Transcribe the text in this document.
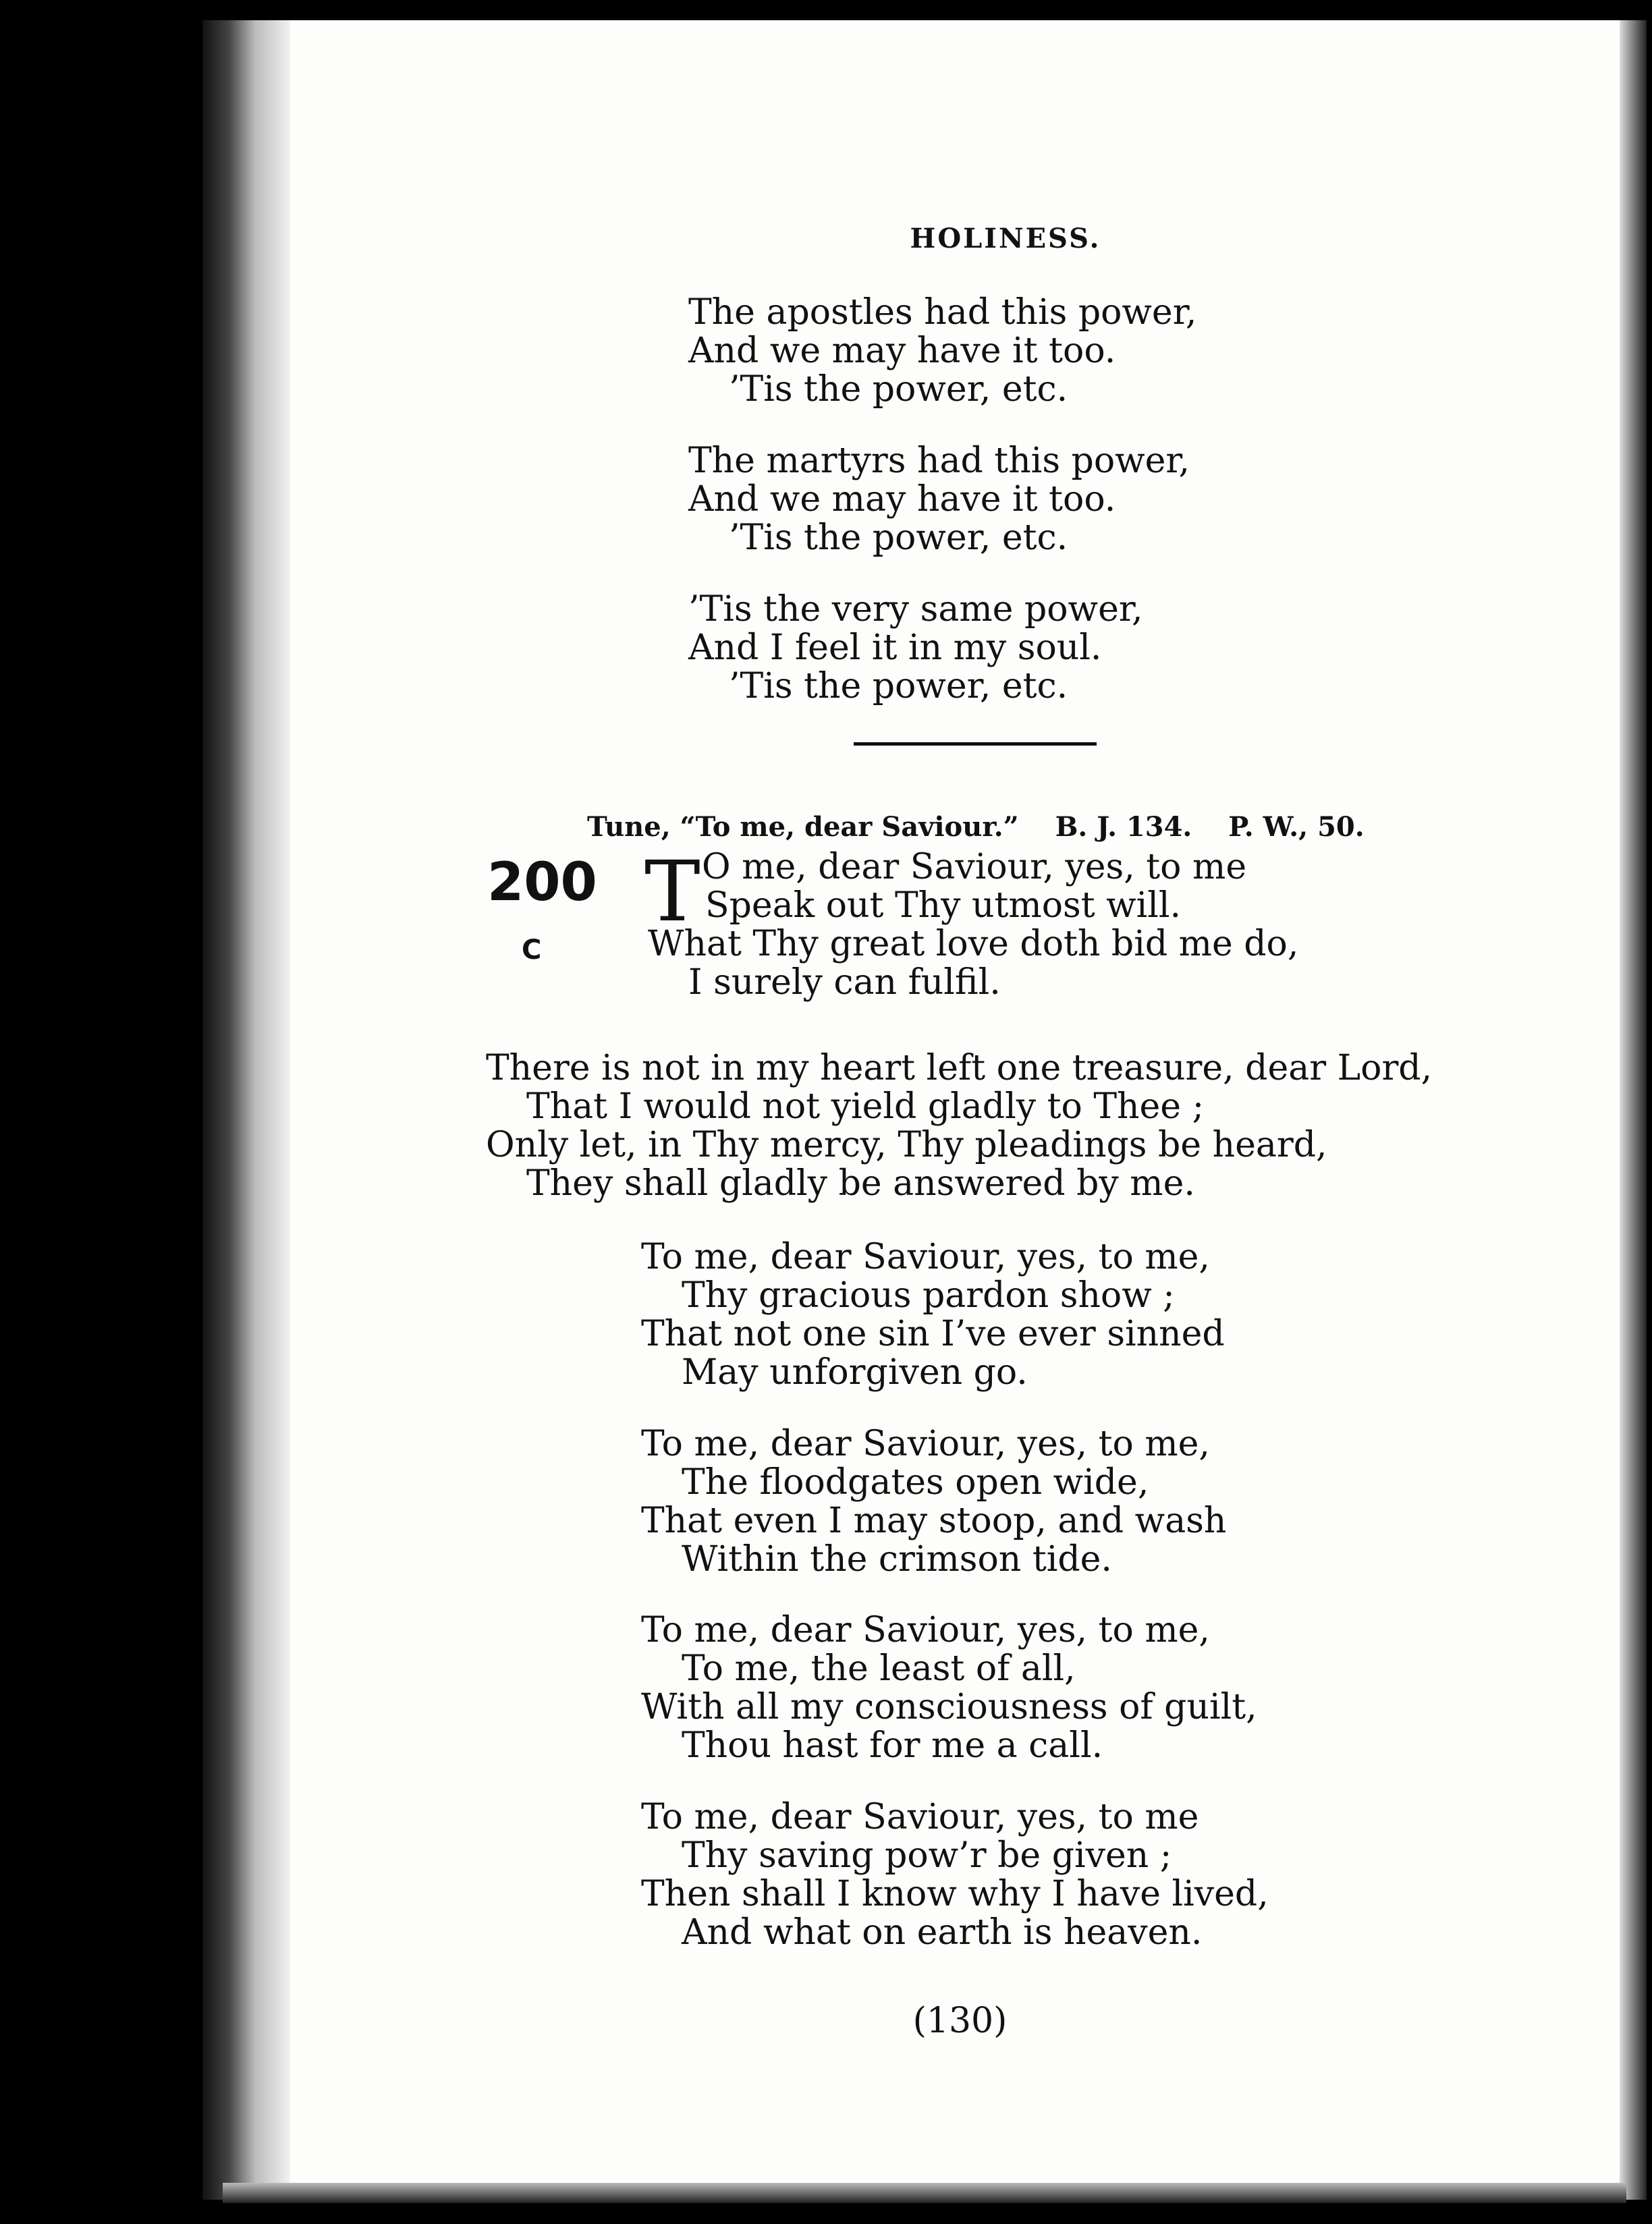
HOLINESS.
The apostles had this power,
And we may have it too.
’Tis the power, etc.
The martyrs had this power,
And we may have it too.
’Tis the power, etc.
’Tis the very same power,
And I feel it in my soul.
’Tis the power, etc.
Tune, “To me, dear Saviour.” B. J. 134. P. W., 50.
200
C
T O me, dear Saviour, yes, to me
Speak out Thy utmost will.
What Thy great love doth bid me do,
I surely can fulfil.
There is not in my heart left one treasure, dear Lord,
That I would not yield gladly to Thee ;
Only let, in Thy mercy, Thy pleadings be heard,
They shall gladly be answered by me.
To me, dear Saviour, yes, to me,
Thy gracious pardon show ;
That not one sin I’ve ever sinned
May unforgiven go.
To me, dear Saviour, yes, to me,
The floodgates open wide,
That even I may stoop, and wash
Within the crimson tide.
To me, dear Saviour, yes, to me,
To me, the least of all,
With all my consciousness of guilt,
Thou hast for me a call.
To me, dear Saviour, yes, to me
Thy saving pow’r be given ;
Then shall I know why I have lived,
And what on earth is heaven.
(130)
